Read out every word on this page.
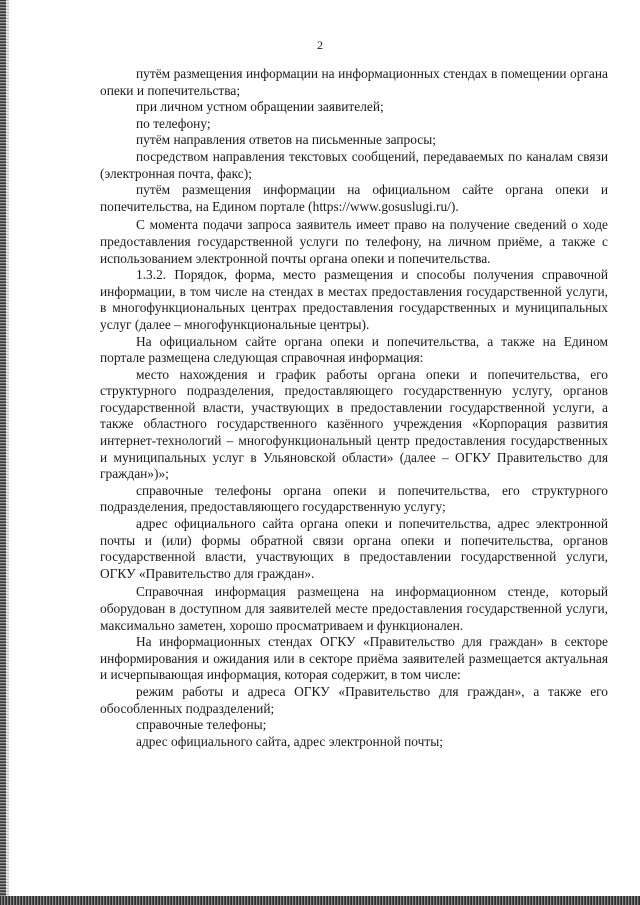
2

путём размещения информации на информационных стендах в помещении органа опеки и попечительства;

при личном устном обращении заявителей;

по телефону;

путём направления ответов на письменные запросы;

посредством направления текстовых сообщений, передаваемых по каналам связи (электронная почта, факс);

путём размещения информации на официальном сайте органа опеки и попечительства, на Едином портале (https://www.gosuslugi.ru/).

С момента подачи запроса заявитель имеет право на получение сведений о ходе предоставления государственной услуги по телефону, на личном приёме, а также с использованием электронной почты органа опеки и попечительства.

1.3.2. Порядок, форма, место размещения и способы получения справочной информации, в том числе на стендах в местах предоставления государственной услуги, в многофункциональных центрах предоставления государственных и муниципальных услуг (далее – многофункциональные центры).

На официальном сайте органа опеки и попечительства, а также на Едином портале размещена следующая справочная информация:

место нахождения и график работы органа опеки и попечительства, его структурного подразделения, предоставляющего государственную услугу, органов государственной власти, участвующих в предоставлении государственной услуги, а также областного государственного казённого учреждения «Корпорация развития интернет-технологий – многофункциональный центр предоставления государственных и муниципальных услуг в Ульяновской области» (далее – ОГКУ Правительство для граждан»)»;

справочные телефоны органа опеки и попечительства, его структурного подразделения, предоставляющего государственную услугу;

адрес официального сайта органа опеки и попечительства, адрес электронной почты и (или) формы обратной связи органа опеки и попечительства, органов государственной власти, участвующих в предоставлении государственной услуги, ОГКУ «Правительство для граждан».

Справочная информация размещена на информационном стенде, который оборудован в доступном для заявителей месте предоставления государственной услуги, максимально заметен, хорошо просматриваем и функционален.

На информационных стендах ОГКУ «Правительство для граждан» в секторе информирования и ожидания или в секторе приёма заявителей размещается актуальная и исчерпывающая информация, которая содержит, в том числе:

режим работы и адреса ОГКУ «Правительство для граждан», а также его обособленных подразделений;

справочные телефоны;

адрес официального сайта, адрес электронной почты;
